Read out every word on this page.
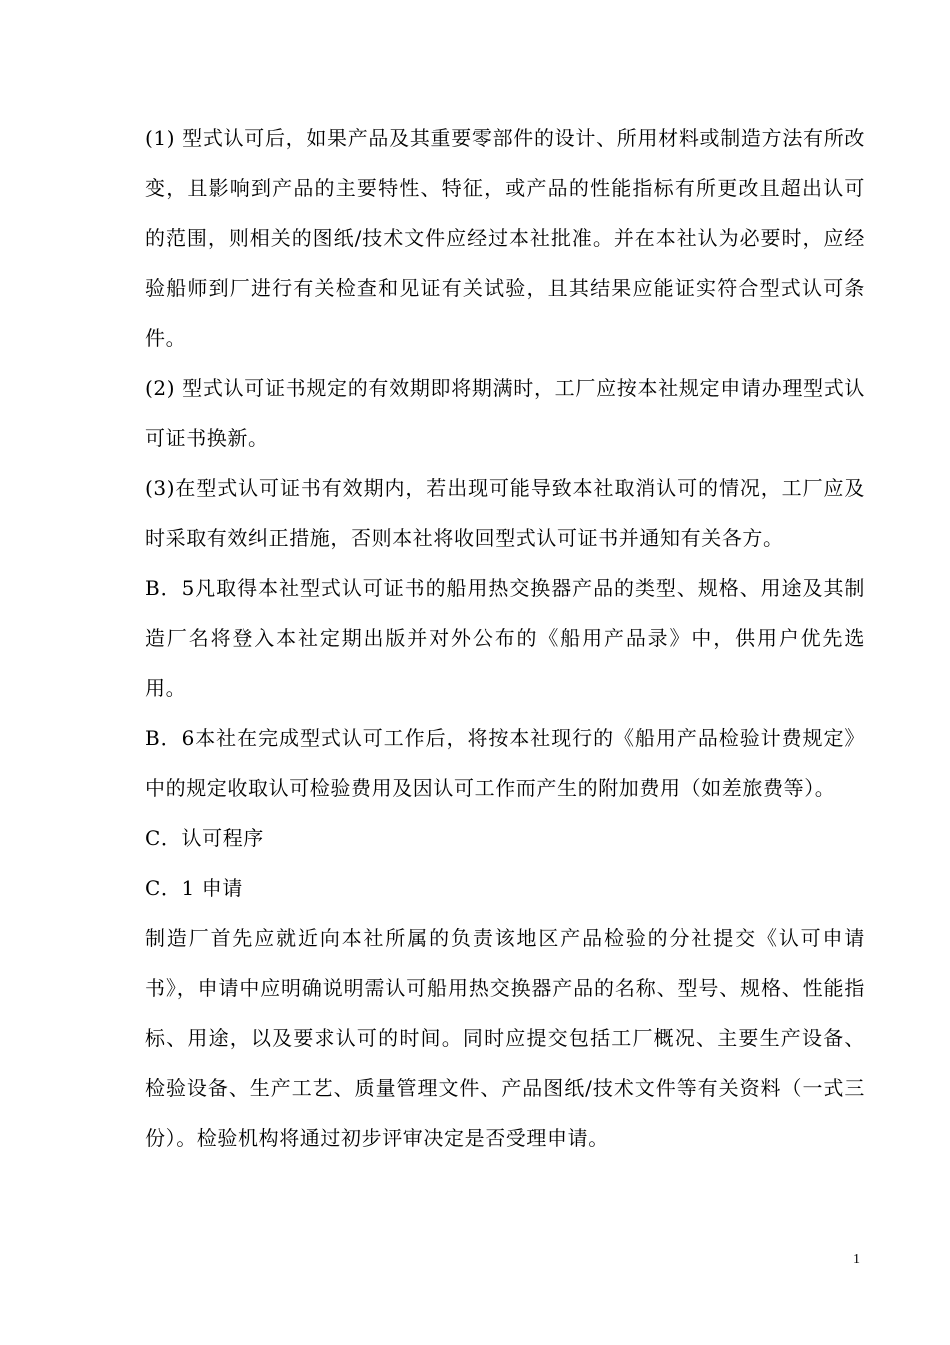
(1) 型式认可后，如果产品及其重要零部件的设计、所用材料或制造方法有所改变，且影响到产品的主要特性、特征，或产品的性能指标有所更改且超出认可的范围，则相关的图纸/技术文件应经过本社批准。并在本社认为必要时，应经验船师到厂进行有关检查和见证有关试验，且其结果应能证实符合型式认可条件。

(2) 型式认可证书规定的有效期即将期满时，工厂应按本社规定申请办理型式认可证书换新。

(3)在型式认可证书有效期内，若出现可能导致本社取消认可的情况，工厂应及时采取有效纠正措施，否则本社将收回型式认可证书并通知有关各方。

B．5凡取得本社型式认可证书的船用热交换器产品的类型、规格、用途及其制造厂名将登入本社定期出版并对外公布的《船用产品录》中，供用户优先选用。

B．6本社在完成型式认可工作后，将按本社现行的《船用产品检验计费规定》中的规定收取认可检验费用及因认可工作而产生的附加费用（如差旅费等）。

C．认可程序

C．1 申请

制造厂首先应就近向本社所属的负责该地区产品检验的分社提交《认可申请书》，申请中应明确说明需认可船用热交换器产品的名称、型号、规格、性能指标、用途，以及要求认可的时间。同时应提交包括工厂概况、主要生产设备、检验设备、生产工艺、质量管理文件、产品图纸/技术文件等有关资料（一式三份）。检验机构将通过初步评审决定是否受理申请。

1
